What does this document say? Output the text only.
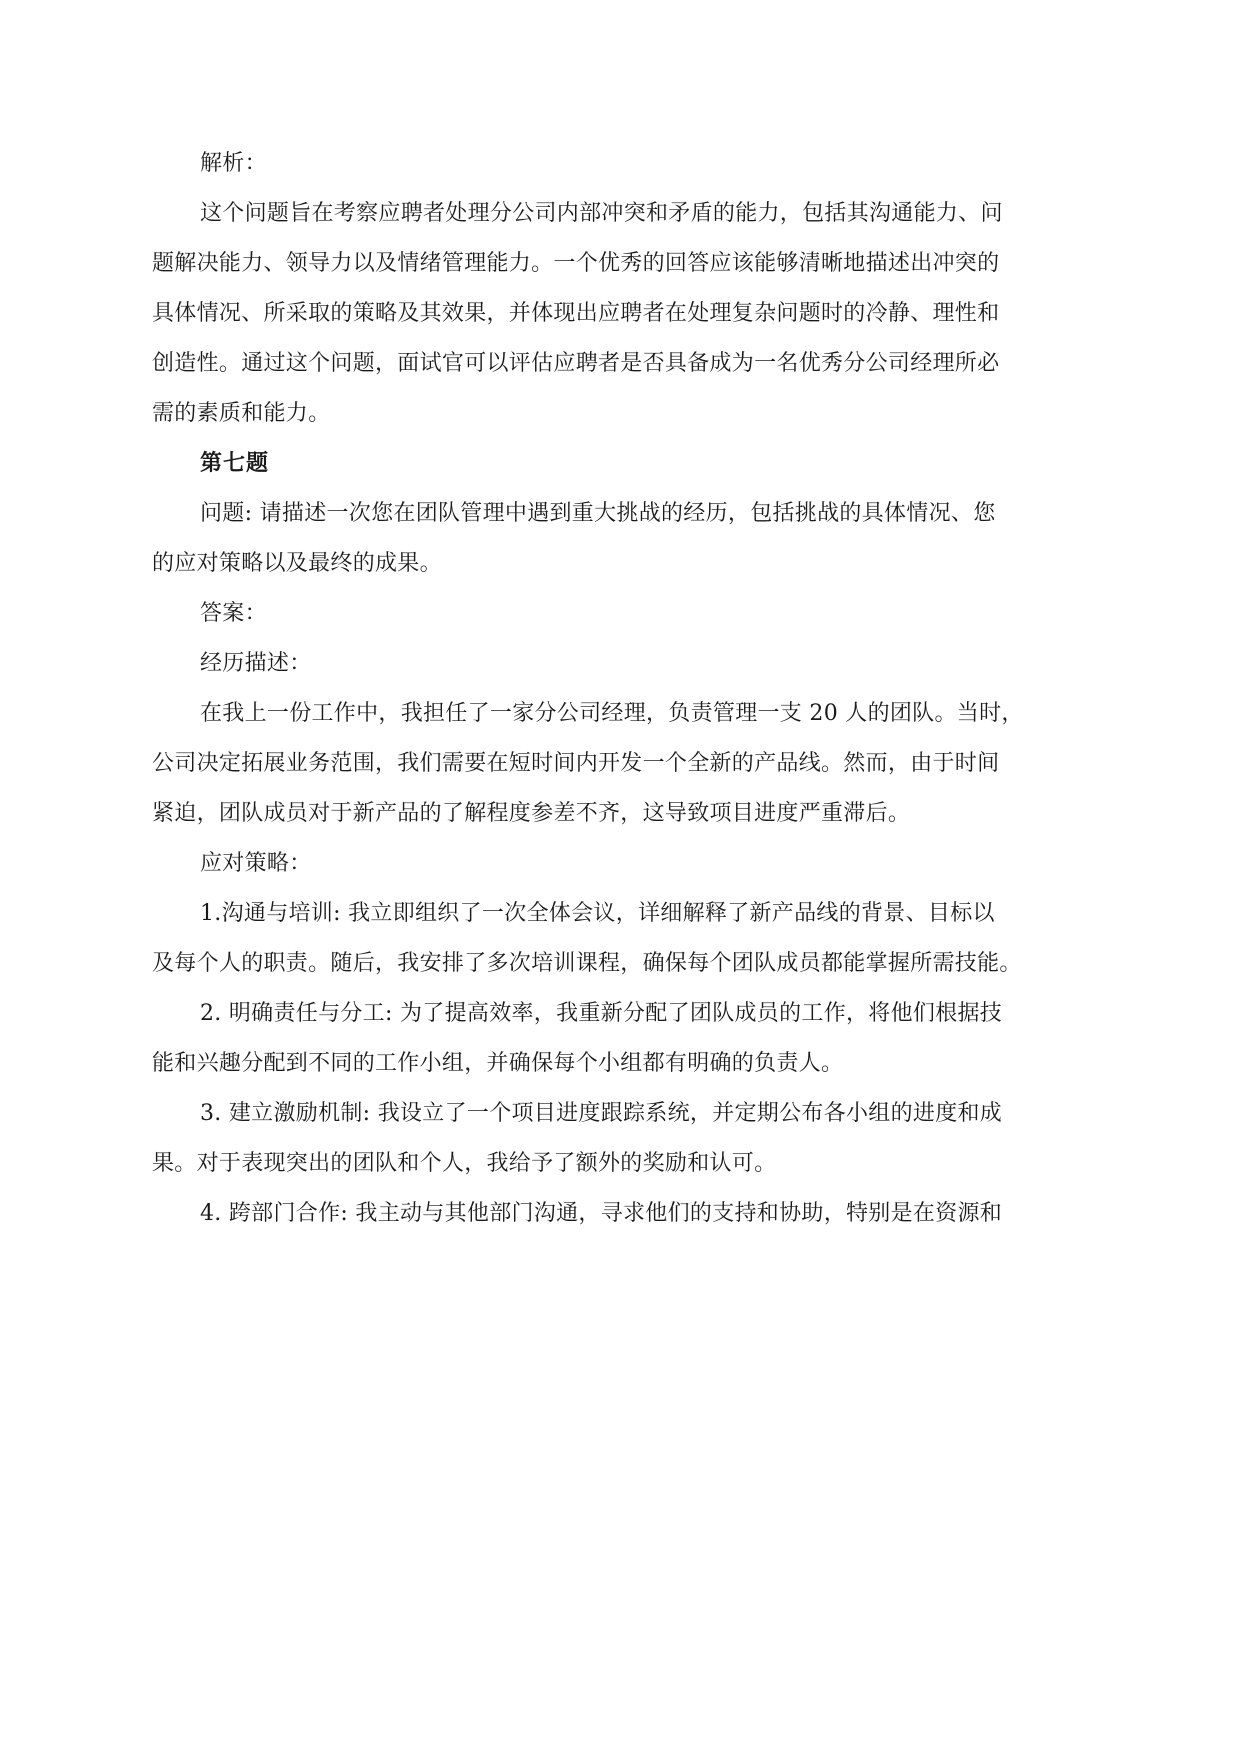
解析：
这个问题旨在考察应聘者处理分公司内部冲突和矛盾的能力，包括其沟通能力、问
题解决能力、领导力以及情绪管理能力。一个优秀的回答应该能够清晰地描述出冲突的
具体情况、所采取的策略及其效果，并体现出应聘者在处理复杂问题时的冷静、理性和
创造性。通过这个问题，面试官可以评估应聘者是否具备成为一名优秀分公司经理所必
需的素质和能力。
第七题
问题: 请描述一次您在团队管理中遇到重大挑战的经历，包括挑战的具体情况、您
的应对策略以及最终的成果。
答案：
经历描述：
在我上一份工作中，我担任了一家分公司经理，负责管理一支 20 人的团队。当时，
公司决定拓展业务范围，我们需要在短时间内开发一个全新的产品线。然而，由于时间
紧迫，团队成员对于新产品的了解程度参差不齐，这导致项目进度严重滞后。
应对策略：
1.沟通与培训: 我立即组织了一次全体会议，详细解释了新产品线的背景、目标以
及每个人的职责。随后，我安排了多次培训课程，确保每个团队成员都能掌握所需技能。
2. 明确责任与分工: 为了提高效率，我重新分配了团队成员的工作，将他们根据技
能和兴趣分配到不同的工作小组，并确保每个小组都有明确的负责人。
3. 建立激励机制: 我设立了一个项目进度跟踪系统，并定期公布各小组的进度和成
果。对于表现突出的团队和个人，我给予了额外的奖励和认可。
4. 跨部门合作: 我主动与其他部门沟通，寻求他们的支持和协助，特别是在资源和
